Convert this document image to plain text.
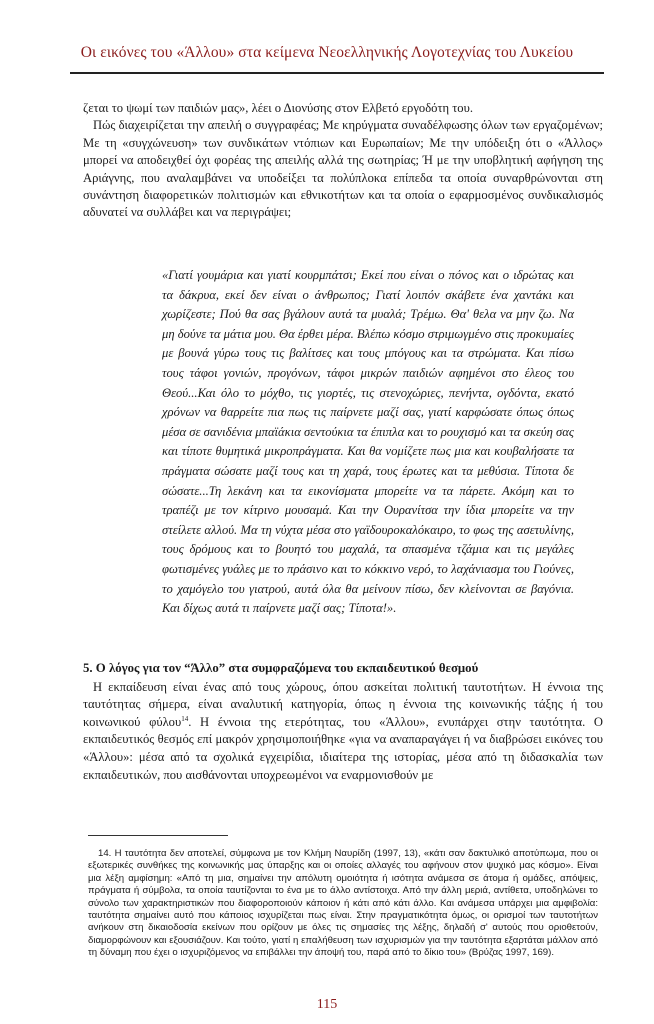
Οι εικόνες του «Άλλου» στα κείμενα Νεοελληνικής Λογοτεχνίας του Λυκείου

ζεται το ψωμί των παιδιών μας», λέει ο Διονύσης στον Ελβετό εργοδότη του.

Πώς διαχειρίζεται την απειλή ο συγγραφέας; Με κηρύγματα συναδέλφωσης όλων των εργαζομένων; Με τη «συγχώνευση» των συνδικάτων ντόπιων και Ευρωπαίων; Με την υπόδειξη ότι ο «Άλλος» μπορεί να αποδειχθεί όχι φορέας της απειλής αλλά της σωτηρίας; Ή με την υποβλητική αφήγηση της Αριάγνης, που αναλαμβάνει να υποδείξει τα πολύπλοκα επίπεδα τα οποία συναρθρώνονται στη συνάντηση διαφορετικών πολιτισμών και εθνικοτήτων και τα οποία ο εφαρμοσμένος συνδικαλισμός αδυνατεί να συλλάβει και να περιγράψει;

«Γιατί γουμάρια και γιατί κουρμπάτσι; Εκεί που είναι ο πόνος και ο ιδρώτας και τα δάκρυα, εκεί δεν είναι ο άνθρωπος; Γιατί λοιπόν σκάβετε ένα χαντάκι και χωρίζεστε; Πού θα σας βγάλουν αυτά τα μυαλά; Τρέμω. Θα' θελα να μην ζω. Να μη δούνε τα μάτια μου. Θα έρθει μέρα. Βλέπω κόσμο στριμωγμένο στις προκυμαίες με βουνά γύρω τους τις βαλίτσες και τους μπόγους και τα στρώματα. Και πίσω τους τάφοι γονιών, προγόνων, τάφοι μικρών παιδιών αφημένοι στο έλεος του Θεού...Και όλο το μόχθο, τις γιορτές, τις στενοχώριες, πενήντα, ογδόντα, εκατό χρόνων να θαρρείτε πια πως τις παίρνετε μαζί σας, γιατί καρφώσατε όπως όπως μέσα σε σανιδένια μπαϊάκια σεντούκια τα έπιπλα και το ρουχισμό και τα σκεύη σας και τίποτε θυμητικά μικροπράγματα. Και θα νομίζετε πως μια και κουβαλήσατε τα πράγματα σώσατε μαζί τους και τη χαρά, τους έρωτες και τα μεθύσια. Τίποτα δε σώσατε...Τη λεκάνη και τα εικονίσματα μπορείτε να τα πάρετε. Ακόμη και το τραπέζι με τον κίτρινο μουσαμά. Και την Ουρανίτσα την ίδια μπορείτε να την στείλετε αλλού. Μα τη νύχτα μέσα στο γαϊδουροκαλόκαιρο, το φως της ασετυλίνης, τους δρόμους και το βουητό του μαχαλά, τα σπασμένα τζάμια και τις μεγάλες φωτισμένες γυάλες με το πράσινο και το κόκκινο νερό, το λαχάνιασμα του Γιούνες, το χαμόγελο του γιατρού, αυτά όλα θα μείνουν πίσω, δεν κλείνονται σε βαγόνια. Και δίχως αυτά τι παίρνετε μαζί σας; Τίποτα!».

5. Ο λόγος για τον “Άλλο” στα συμφραζόμενα του εκπαιδευτικού θεσμού

Η εκπαίδευση είναι ένας από τους χώρους, όπου ασκείται πολιτική ταυτοτήτων. Η έννοια της ταυτότητας σήμερα, είναι αναλυτική κατηγορία, όπως η έννοια της κοινωνικής τάξης ή του κοινωνικού φύλου$^{14}$. Η έννοια της ετερότητας, του «Άλλου», ενυπάρχει στην ταυτότητα. Ο εκπαιδευτικός θεσμός επί μακρόν χρησιμοποιήθηκε «για να αναπαραγάγει ή να διαβρώσει εικόνες του «Άλλου»: μέσα από τα σχολικά εγχειρίδια, ιδιαίτερα της ιστορίας, μέσα από τη διδασκαλία των εκπαιδευτικών, που αισθάνονται υποχρεωμένοι να εναρμονισθούν με

14. Η ταυτότητα δεν αποτελεί, σύμφωνα με τον Κλήμη Ναυρίδη (1997, 13), «κάτι σαν δακτυλικό αποτύπωμα, που οι εξωτερικές συνθήκες της κοινωνικής μας ύπαρξης και οι οποίες αλλαγές του αφήνουν στον ψυχικό μας κόσμο». Είναι μια λέξη αμφίσημη: «Από τη μια, σημαίνει την απόλυτη ομοιότητα ή ισότητα ανάμεσα σε άτομα ή ομάδες, απόψεις, πράγματα ή σύμβολα, τα οποία ταυτίζονται το ένα με το άλλο αντίστοιχα. Από την άλλη μεριά, αντίθετα, υποδηλώνει το σύνολο των χαρακτηριστικών που διαφοροποιούν κάποιον ή κάτι από κάτι άλλο. Και ανάμεσα υπάρχει μια αμφιβολία: ταυτότητα σημαίνει αυτό που κάποιος ισχυρίζεται πως είναι. Στην πραγματικότητα όμως, οι ορισμοί των ταυτοτήτων ανήκουν στη δικαιοδοσία εκείνων που ορίζουν με όλες τις σημασίες της λέξης, δηλαδή σ' αυτούς που οριοθετούν, διαμορφώνουν και εξουσιάζουν. Και τούτο, γιατί η επαλήθευση των ισχυρισμών για την ταυτότητα εξαρτάται μάλλον από τη δύναμη που έχει ο ισχυριζόμενος να επιβάλλει την άποψή του, παρά από το δίκιο του» (Βρύζας 1997, 169).

115
